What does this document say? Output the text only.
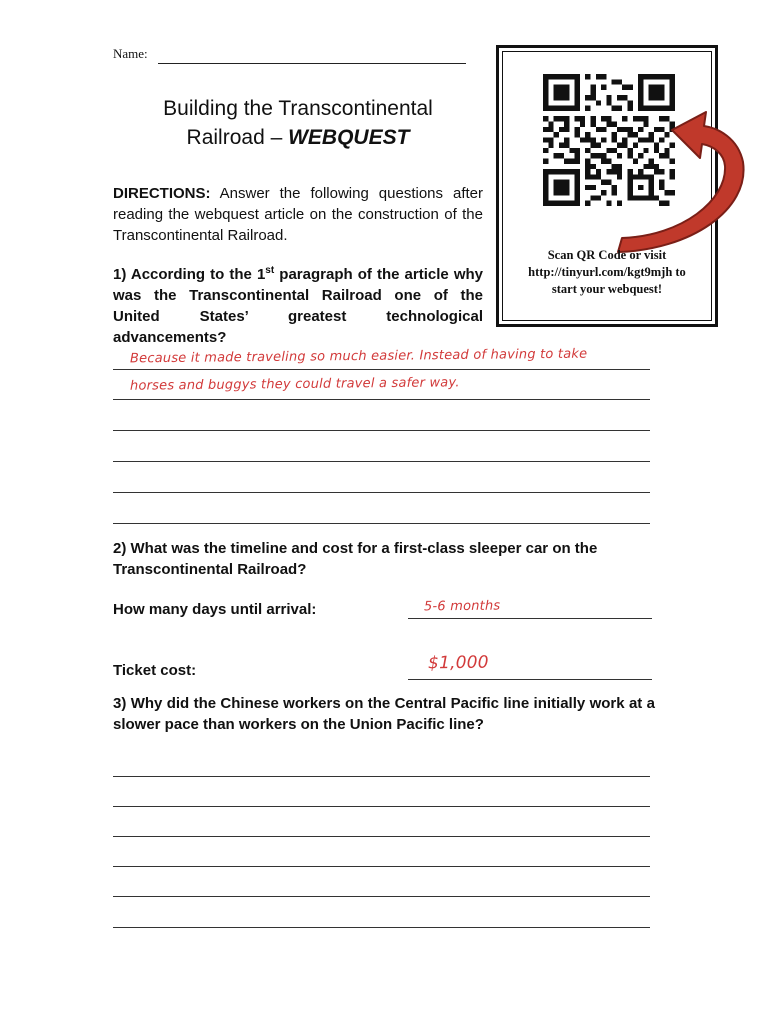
Name:
Building the Transcontinental
Railroad – WEBQUEST
DIRECTIONS: Answer the following questions after reading the webquest article on the construction of the Transcontinental Railroad.
Scan QR Code or visit
http://tinyurl.com/kgt9mjh to
start your webquest!
1) According to the 1st paragraph of the article why was the Transcontinental Railroad one of the United States’ greatest technological advancements?
Because it made traveling so much easier. Instead of having to take
horses and buggys they could travel a safer way.
2) What was the timeline and cost for a first-class sleeper car on the Transcontinental Railroad?
How many days until arrival:	5-6 months
Ticket cost:	$1,000
3) Why did the Chinese workers on the Central Pacific line initially work at a slower pace than workers on the Union Pacific line?
